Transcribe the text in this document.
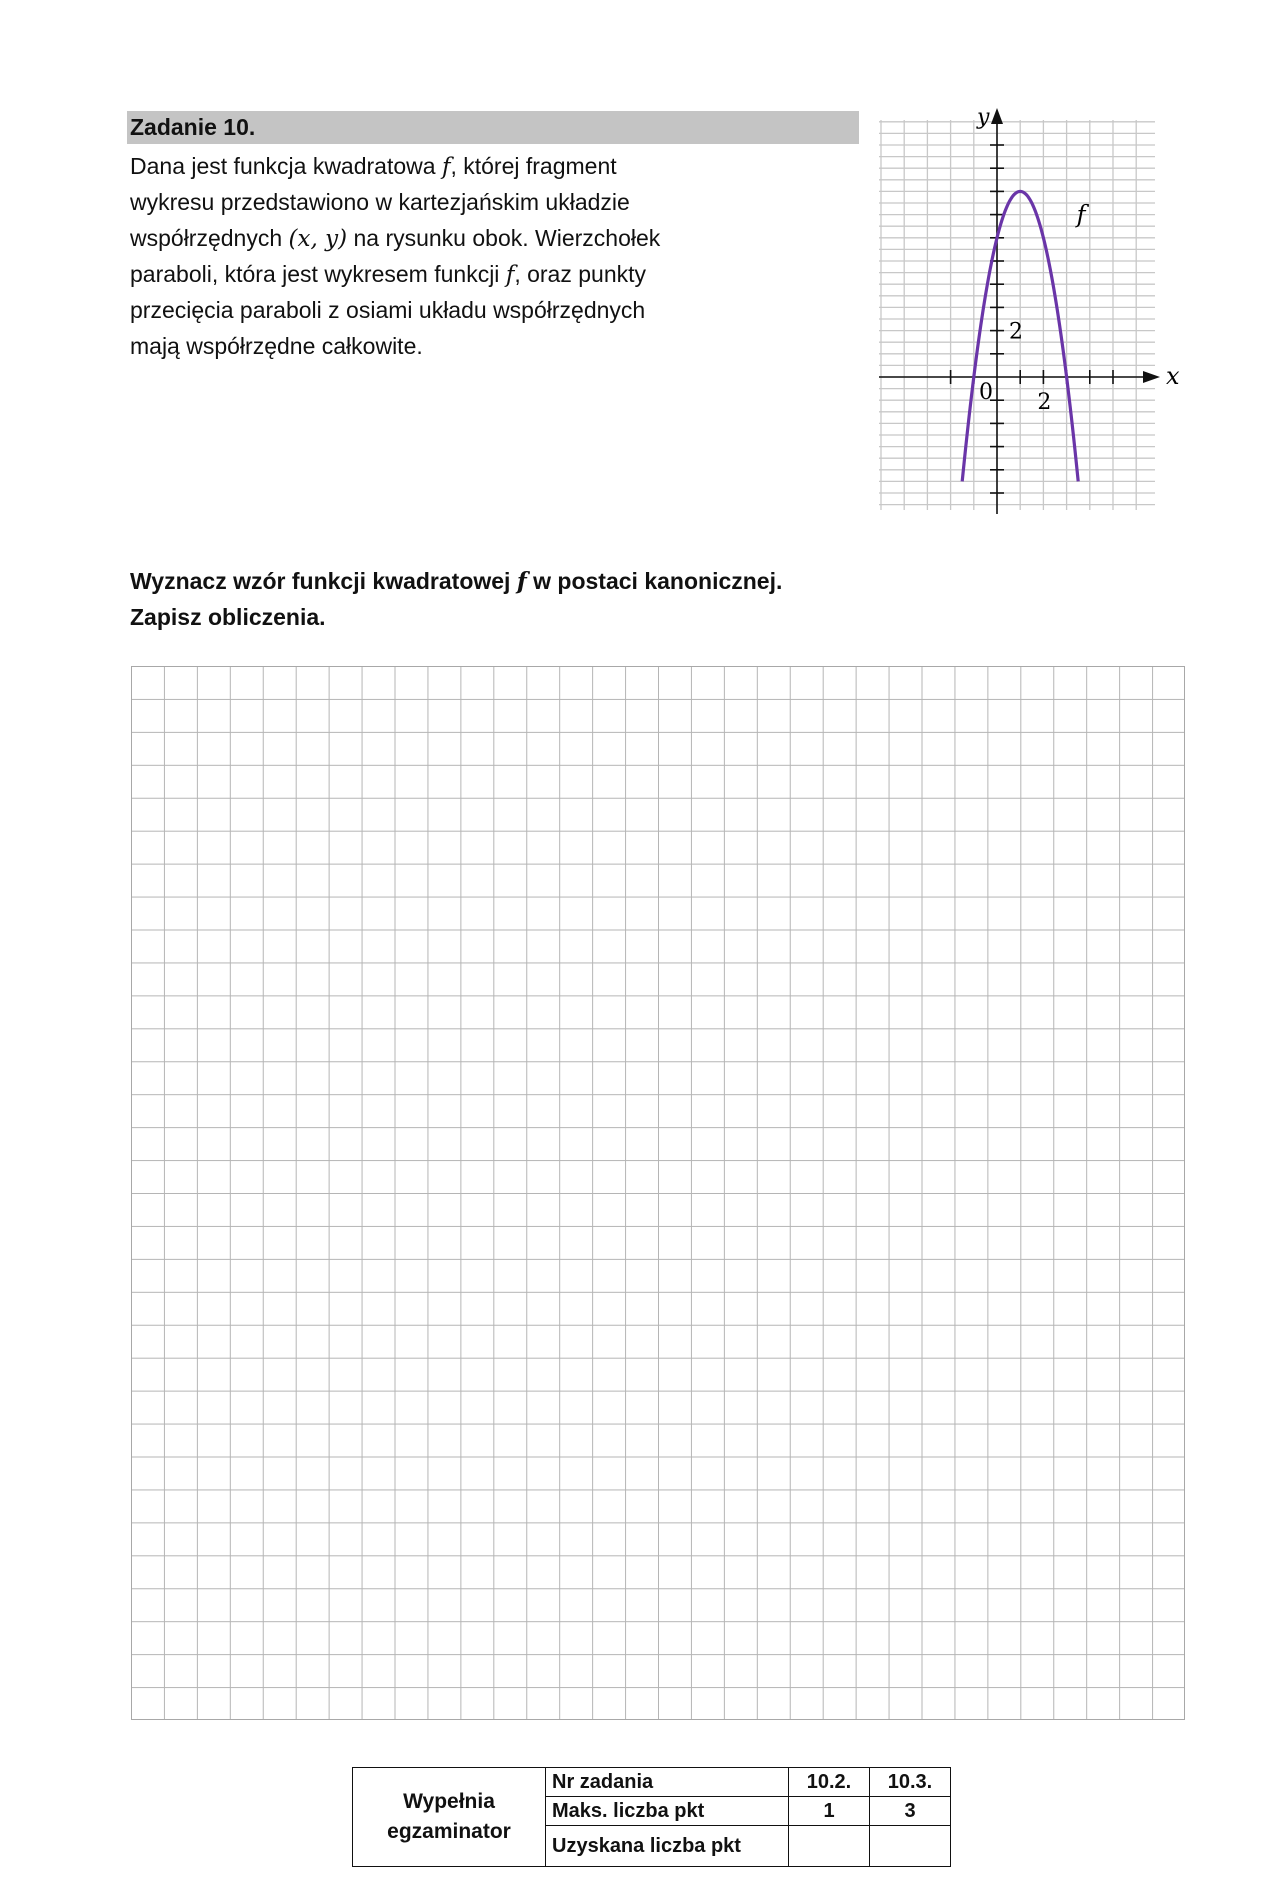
Zadanie 10.
Dana jest funkcja kwadratowa f, której fragment
wykresu przedstawiono w kartezjańskim układzie
współrzędnych (x, y) na rysunku obok. Wierzchołek
paraboli, która jest wykresem funkcji f, oraz punkty
przecięcia paraboli z osiami układu współrzędnych
mają współrzędne całkowite.
x
y
0 2
2
f
Wyznacz wzór funkcji kwadratowej f w postaci kanonicznej.
Zapisz obliczenia.
Wypełnia
egzaminator	Nr zadania	10.2.	10.3.
	Maks. liczba pkt	1	3
	Uzyskana liczba pkt		
